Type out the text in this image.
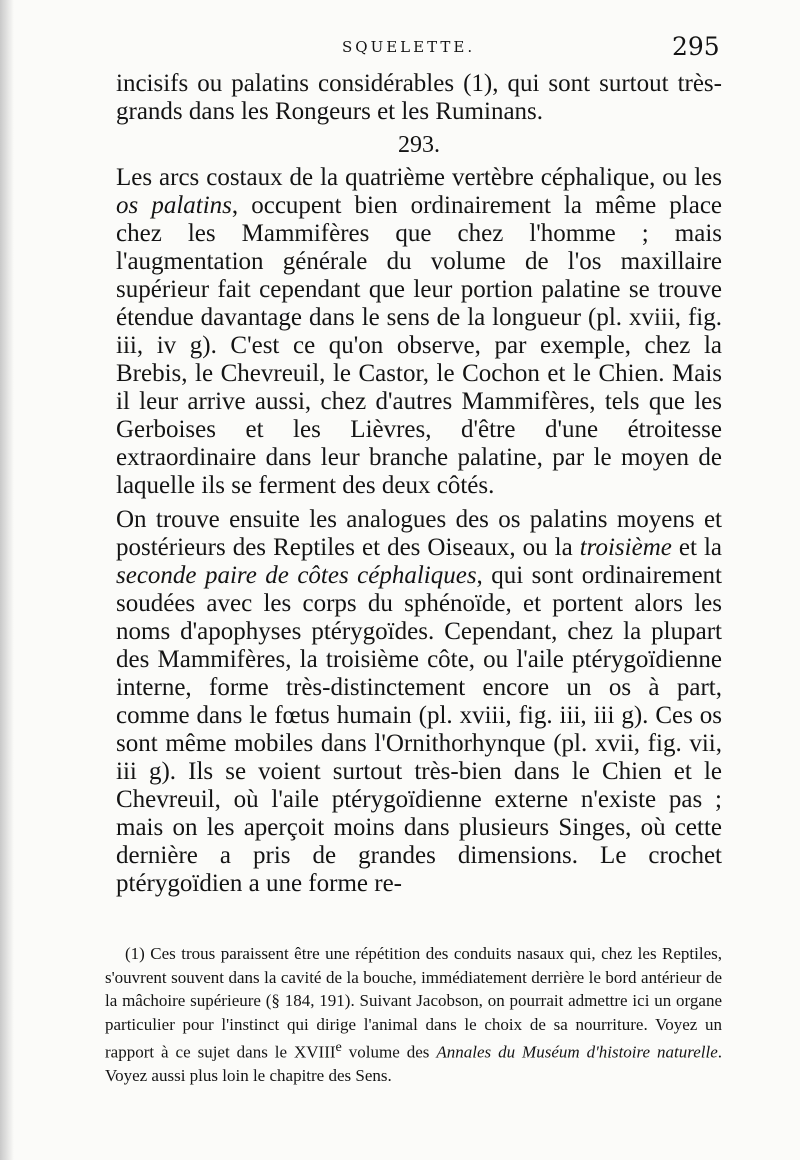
SQUELETTE.	295

incisifs ou palatins considérables (1), qui sont surtout très-grands dans les Rongeurs et les Ruminans.

293.

Les arcs costaux de la quatrième vertèbre céphalique, ou les os palatins, occupent bien ordinairement la même place chez les Mammifères que chez l'homme ; mais l'augmentation générale du volume de l'os maxillaire supérieur fait cependant que leur portion palatine se trouve étendue davantage dans le sens de la longueur (pl. xviii, fig. iii, iv g). C'est ce qu'on observe, par exemple, chez la Brebis, le Chevreuil, le Castor, le Cochon et le Chien. Mais il leur arrive aussi, chez d'autres Mammifères, tels que les Gerboises et les Lièvres, d'être d'une étroitesse extraordinaire dans leur branche palatine, par le moyen de laquelle ils se ferment des deux côtés.

On trouve ensuite les analogues des os palatins moyens et postérieurs des Reptiles et des Oiseaux, ou la troisième et la seconde paire de côtes céphaliques, qui sont ordinairement soudées avec les corps du sphénoïde, et portent alors les noms d'apophyses ptérygoïdes. Cependant, chez la plupart des Mammifères, la troisième côte, ou l'aile ptérygoïdienne interne, forme très-distinctement encore un os à part, comme dans le fœtus humain (pl. xviii, fig. iii, iii g). Ces os sont même mobiles dans l'Ornithorhynque (pl. xvii, fig. vii, iii g). Ils se voient surtout très-bien dans le Chien et le Chevreuil, où l'aile ptérygoïdienne externe n'existe pas ; mais on les aperçoit moins dans plusieurs Singes, où cette dernière a pris de grandes dimensions. Le crochet ptérygoïdien a une forme re-

(1) Ces trous paraissent être une répétition des conduits nasaux qui, chez les Reptiles, s'ouvrent souvent dans la cavité de la bouche, immédiatement derrière le bord antérieur de la mâchoire supérieure (§ 184, 191). Suivant Jacobson, on pourrait admettre ici un organe particulier pour l'instinct qui dirige l'animal dans le choix de sa nourriture. Voyez un rapport à ce sujet dans le XVIIIe volume des Annales du Muséum d'histoire naturelle. Voyez aussi plus loin le chapitre des Sens.
